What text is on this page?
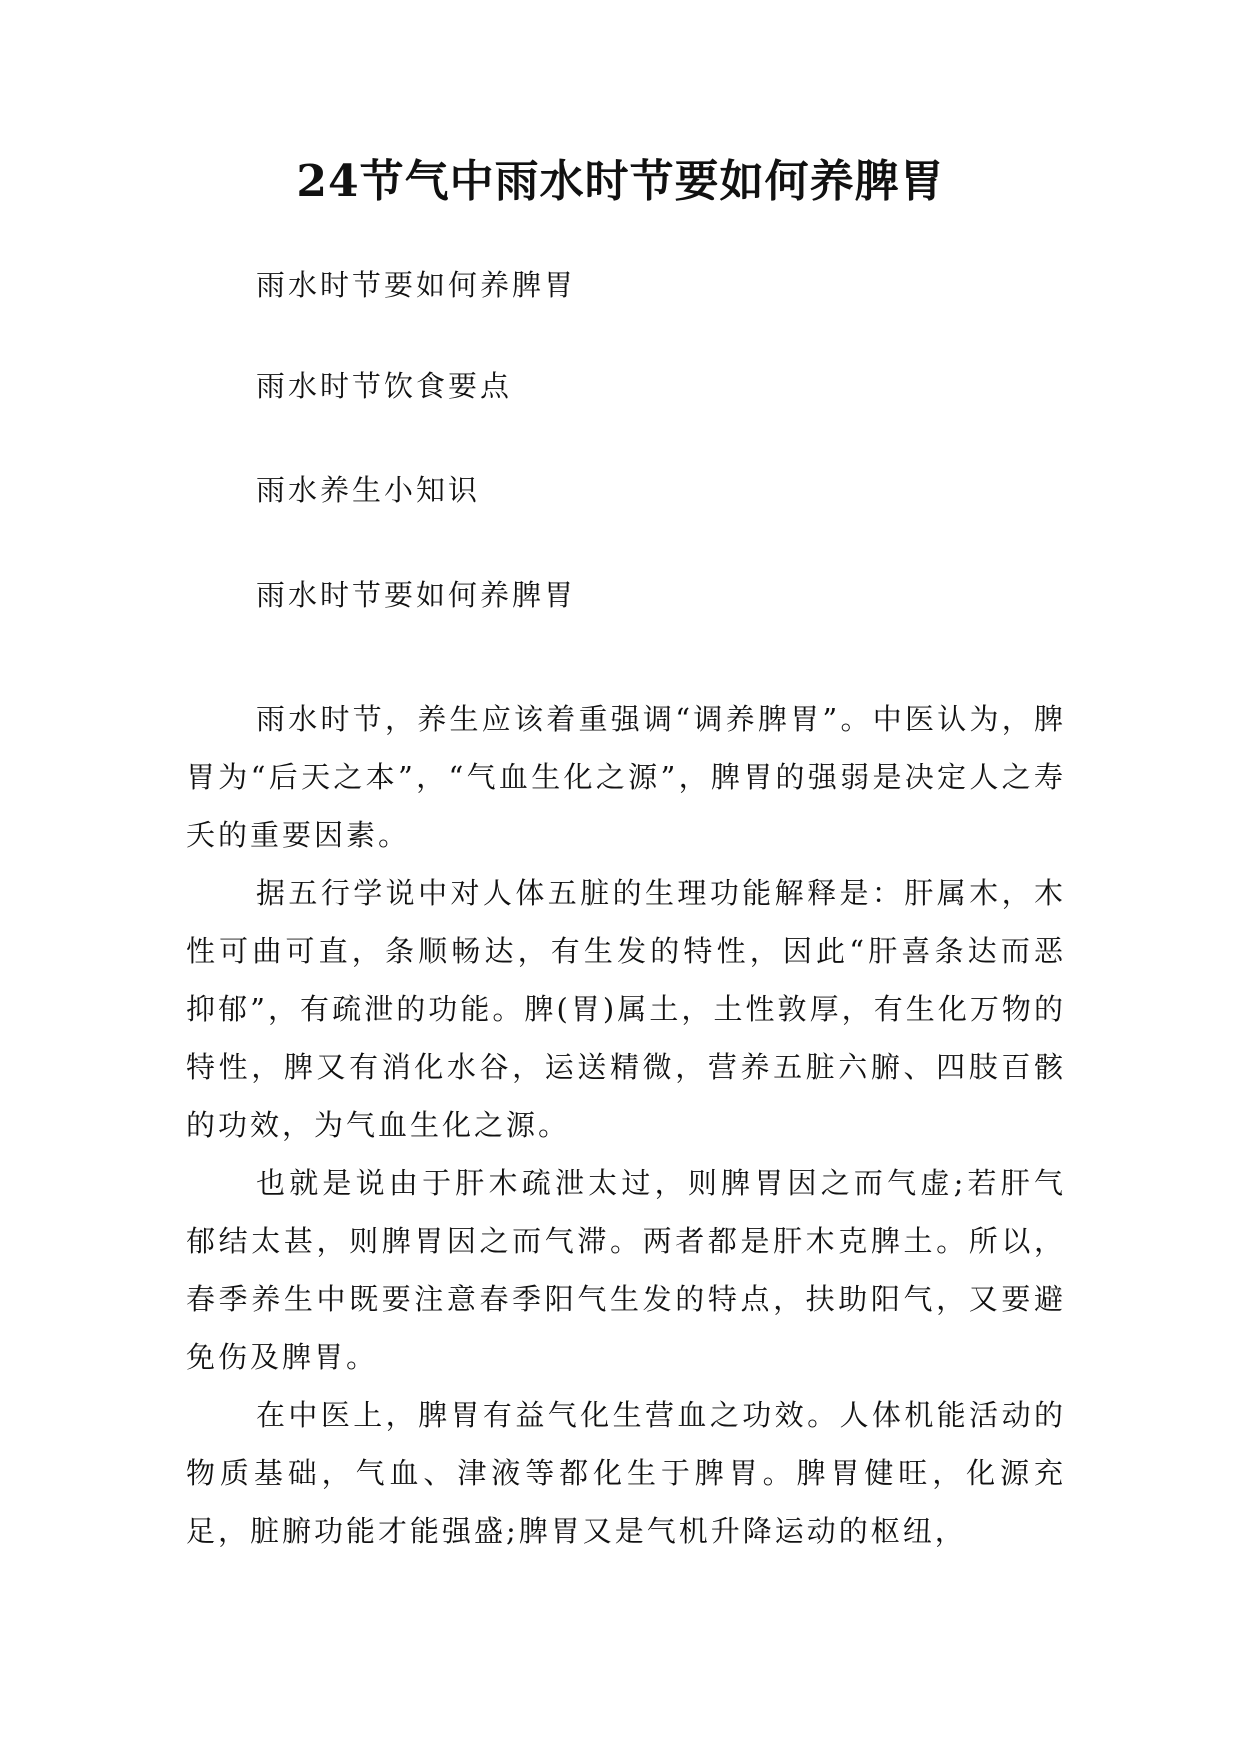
24节气中雨水时节要如何养脾胃

雨水时节要如何养脾胃

雨水时节饮食要点

雨水养生小知识

雨水时节要如何养脾胃

雨水时节，养生应该着重强调“调养脾胃”。中医认为，脾胃为“后天之本”，“气血生化之源”，脾胃的强弱是决定人之寿夭的重要因素。

据五行学说中对人体五脏的生理功能解释是：肝属木，木性可曲可直，条顺畅达，有生发的特性，因此“肝喜条达而恶抑郁”，有疏泄的功能。脾(胃)属土，土性敦厚，有生化万物的特性，脾又有消化水谷，运送精微，营养五脏六腑、四肢百骸的功效，为气血生化之源。

也就是说由于肝木疏泄太过，则脾胃因之而气虚;若肝气郁结太甚，则脾胃因之而气滞。两者都是肝木克脾土。所以，春季养生中既要注意春季阳气生发的特点，扶助阳气，又要避免伤及脾胃。

在中医上，脾胃有益气化生营血之功效。人体机能活动的物质基础，气血、津液等都化生于脾胃。脾胃健旺，化源充足，脏腑功能才能强盛;脾胃又是气机升降运动的枢纽，
